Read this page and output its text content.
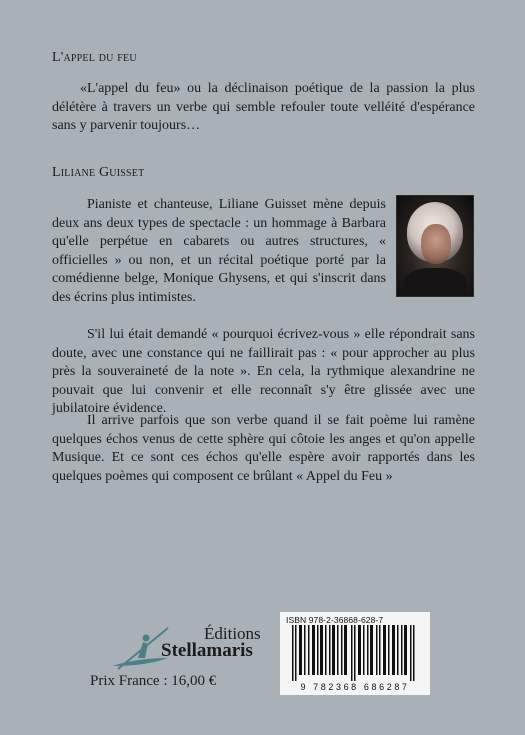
L'appel du feu
«L'appel du feu» ou la déclinaison poétique de la passion la plus délétère à travers un verbe qui semble refouler toute velléité d'espérance sans y parvenir toujours…
Liliane Guisset
Pianiste et chanteuse, Liliane Guisset mène depuis deux ans deux types de spectacle : un hommage à Barbara qu'elle perpétue en cabarets ou autres structures, « officielles » ou non, et un récital poétique porté par la comédienne belge, Monique Ghysens, et qui s'inscrit dans des écrins plus intimistes.
S'il lui était demandé « pourquoi écrivez-vous » elle répondrait sans doute, avec une constance qui ne faillirait pas : « pour approcher au plus près la souveraineté de la note ». En cela, la rythmique alexandrine ne pouvait que lui convenir et elle reconnaît s'y être glissée avec une jubilatoire évidence.
Il arrive parfois que son verbe quand il se fait poème lui ramène quelques échos venus de cette sphère qui côtoie les anges et qu'on appelle Musique. Et ce sont ces échos qu'elle espère avoir rapportés dans les quelques poèmes qui composent ce brûlant « Appel du Feu »
Éditions
Stellamaris
Prix France : 16,00 €
ISBN 978-2-36868-628-7
9 782368 686287
